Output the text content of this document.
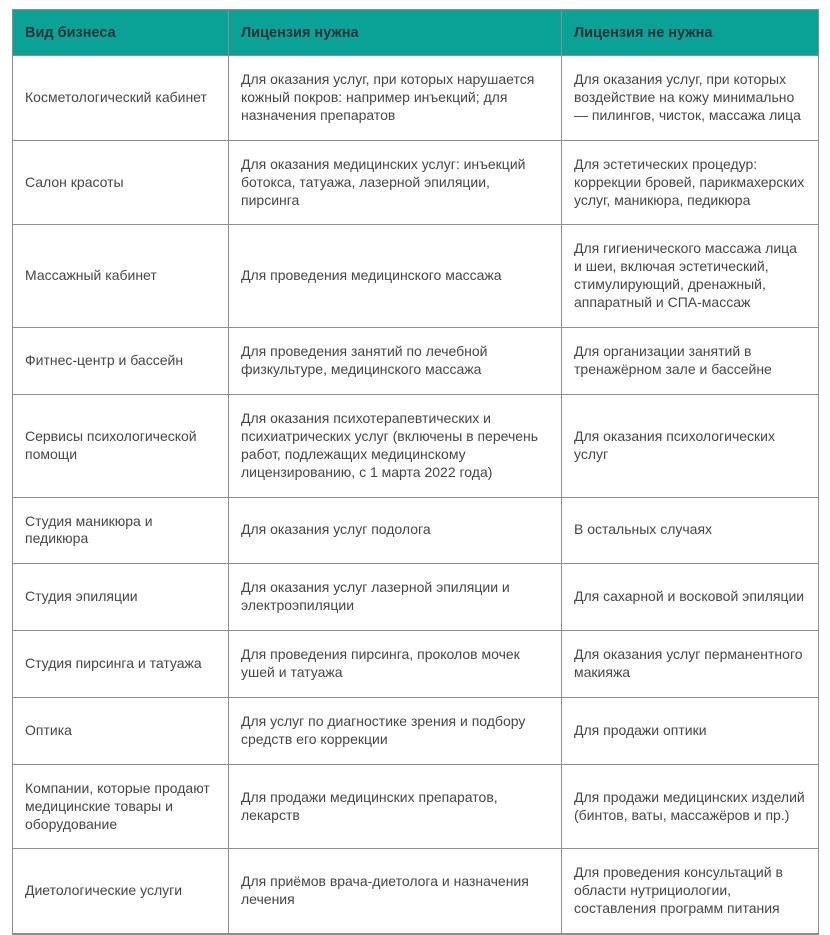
Вид бизнеса	Лицензия нужна	Лицензия не нужна
Косметологический кабинет	Для оказания услуг, при которых нарушается кожный покров: например инъекций; для назначения препаратов	Для оказания услуг, при которых воздействие на кожу минимально — пилингов, чисток, массажа лица
Салон красоты	Для оказания медицинских услуг: инъекций ботокса, татуажа, лазерной эпиляции, пирсинга	Для эстетических процедур: коррекции бровей, парикмахерских услуг, маникюра, педикюра
Массажный кабинет	Для проведения медицинского массажа	Для гигиенического массажа лица и шеи, включая эстетический, стимулирующий, дренажный, аппаратный и СПА-массаж
Фитнес-центр и бассейн	Для проведения занятий по лечебной физкультуре, медицинского массажа	Для организации занятий в тренажёрном зале и бассейне
Сервисы психологической помощи	Для оказания психотерапевтических и психиатрических услуг (включены в перечень работ, подлежащих медицинскому лицензированию, с 1 марта 2022 года)	Для оказания психологических услуг
Студия маникюра и педикюра	Для оказания услуг подолога	В остальных случаях
Студия эпиляции	Для оказания услуг лазерной эпиляции и электроэпиляции	Для сахарной и восковой эпиляции
Студия пирсинга и татуажа	Для проведения пирсинга, проколов мочек ушей и татуажа	Для оказания услуг перманентного макияжа
Оптика	Для услуг по диагностике зрения и подбору средств его коррекции	Для продажи оптики
Компании, которые продают медицинские товары и оборудование	Для продажи медицинских препаратов, лекарств	Для продажи медицинских изделий (бинтов, ваты, массажёров и пр.)
Диетологические услуги	Для приёмов врача-диетолога и назначения лечения	Для проведения консультаций в области нутрициологии, составления программ питания
